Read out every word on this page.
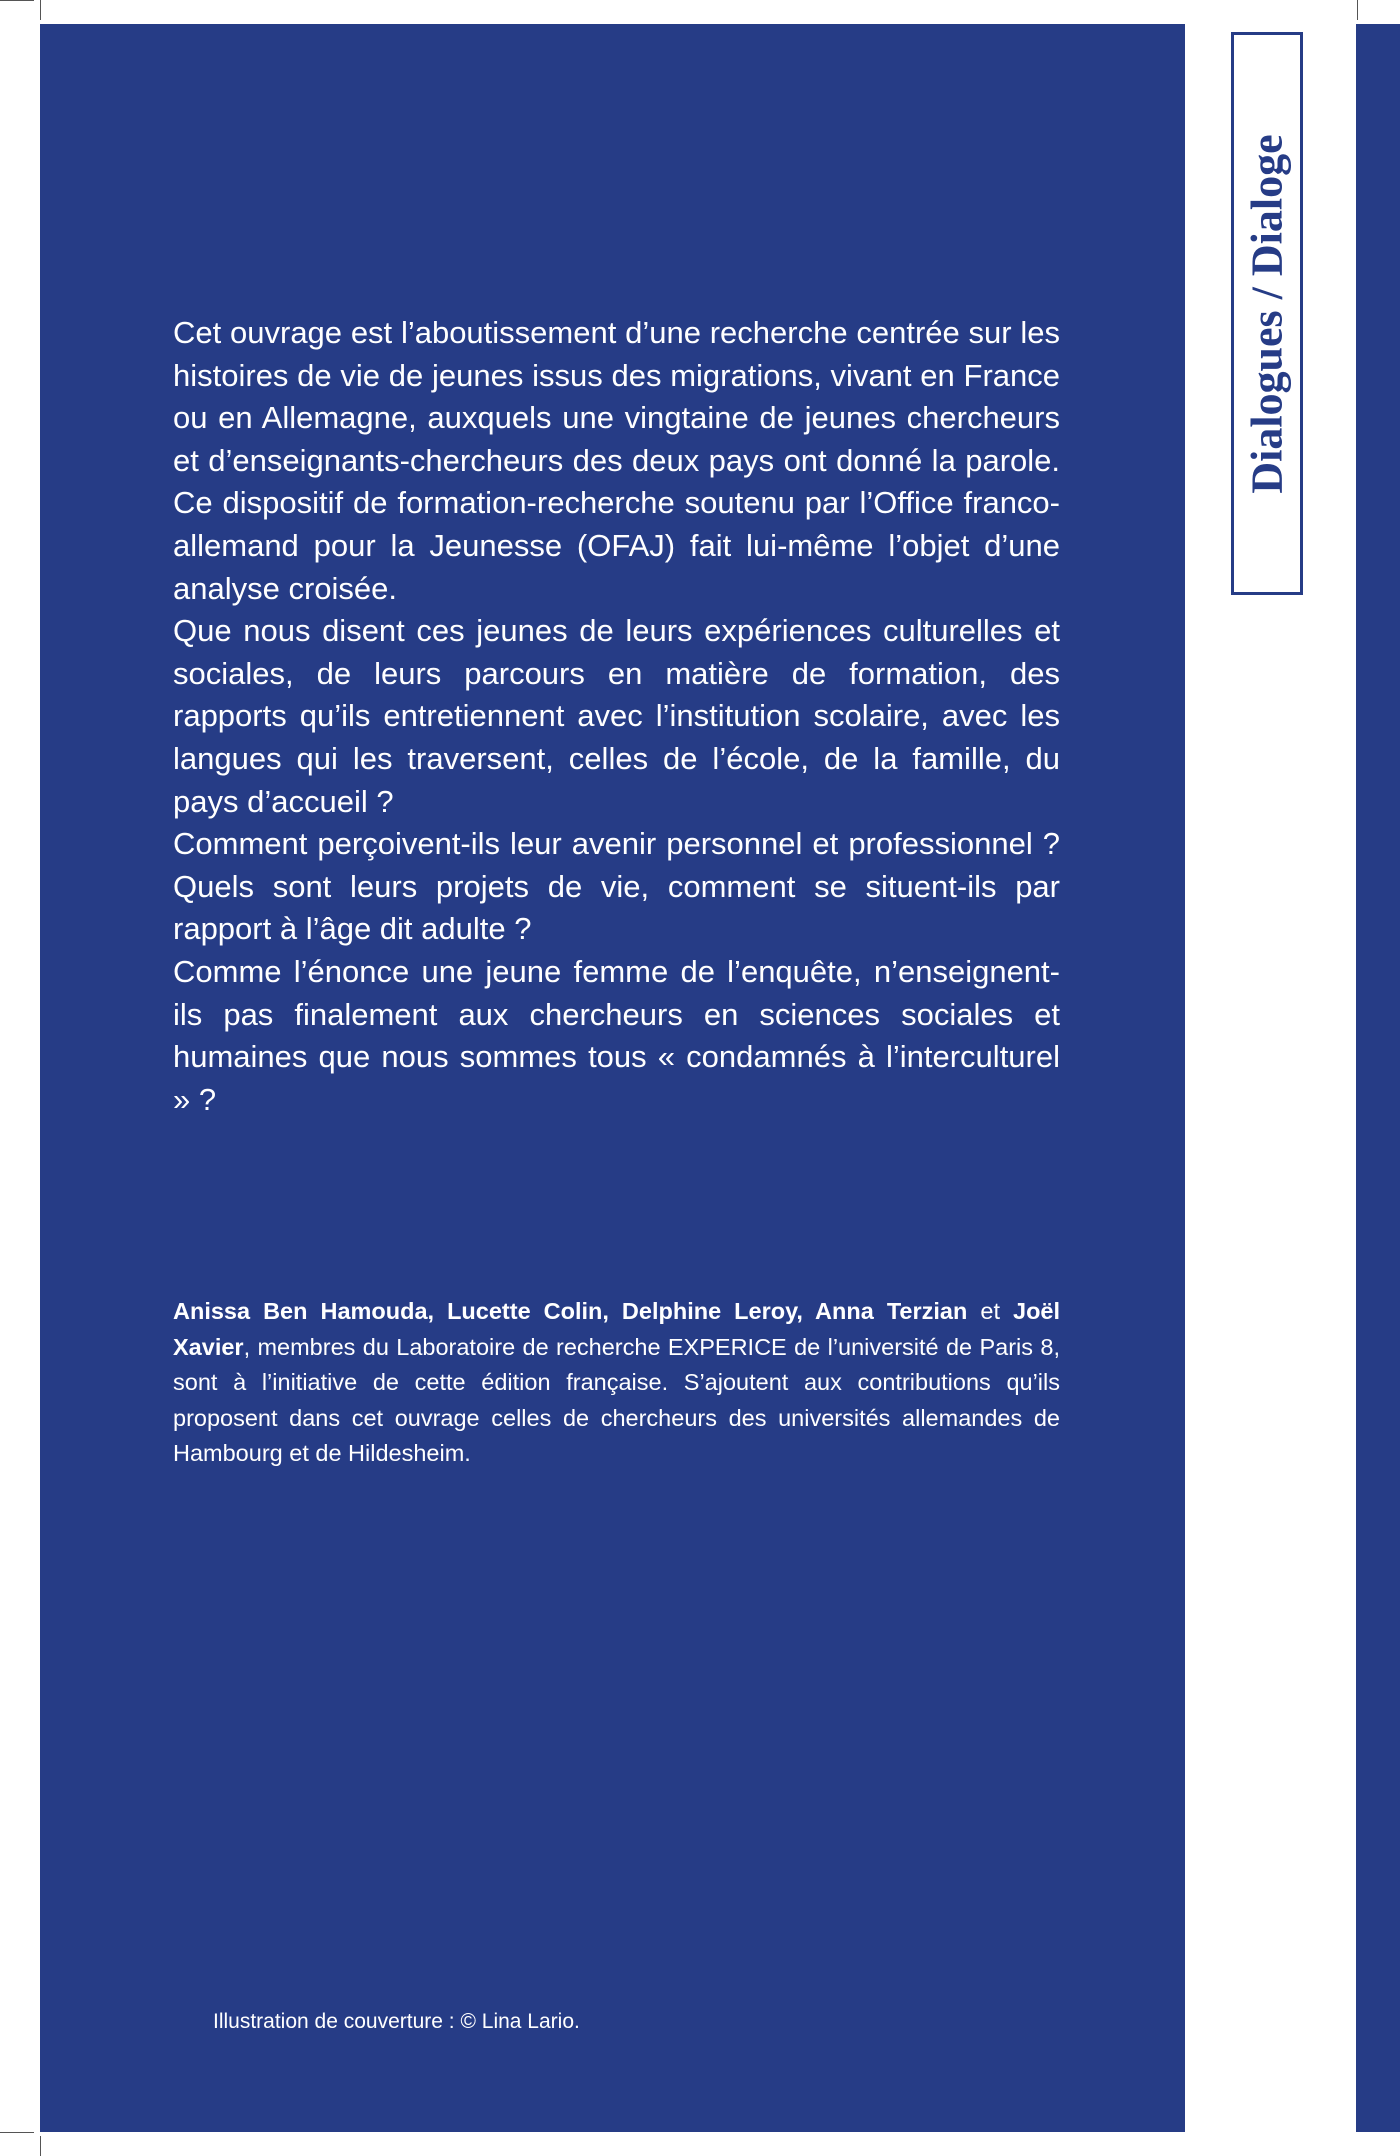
Dialogues / Dialoge

Cet ouvrage est l’aboutissement d’une recherche centrée sur les histoires de vie de jeunes issus des migrations, vivant en France ou en Allemagne, auxquels une vingtaine de jeunes chercheurs et d’enseignants-chercheurs des deux pays ont donné la parole. Ce dispositif de formation-recherche soutenu par l’Office franco-allemand pour la Jeunesse (OFAJ) fait lui-même l’objet d’une analyse croisée.

Que nous disent ces jeunes de leurs expériences culturelles et sociales, de leurs parcours en matière de formation, des rapports qu’ils entretiennent avec l’institution scolaire, avec les langues qui les traversent, celles de l’école, de la famille, du pays d’accueil ?

Comment perçoivent-ils leur avenir personnel et professionnel ? Quels sont leurs projets de vie, comment se situent-ils par rapport à l’âge dit adulte ?

Comme l’énonce une jeune femme de l’enquête, n’enseignent-ils pas finalement aux chercheurs en sciences sociales et humaines que nous sommes tous « condamnés à l’interculturel » ?

Anissa Ben Hamouda, Lucette Colin, Delphine Leroy, Anna Terzian et Joël Xavier, membres du Laboratoire de recherche EXPERICE de l’université de Paris 8, sont à l’initiative de cette édition française. S’ajoutent aux contributions qu’ils proposent dans cet ouvrage celles de chercheurs des universités allemandes de Hambourg et de Hildesheim.

Illustration de couverture : © Lina Lario.
